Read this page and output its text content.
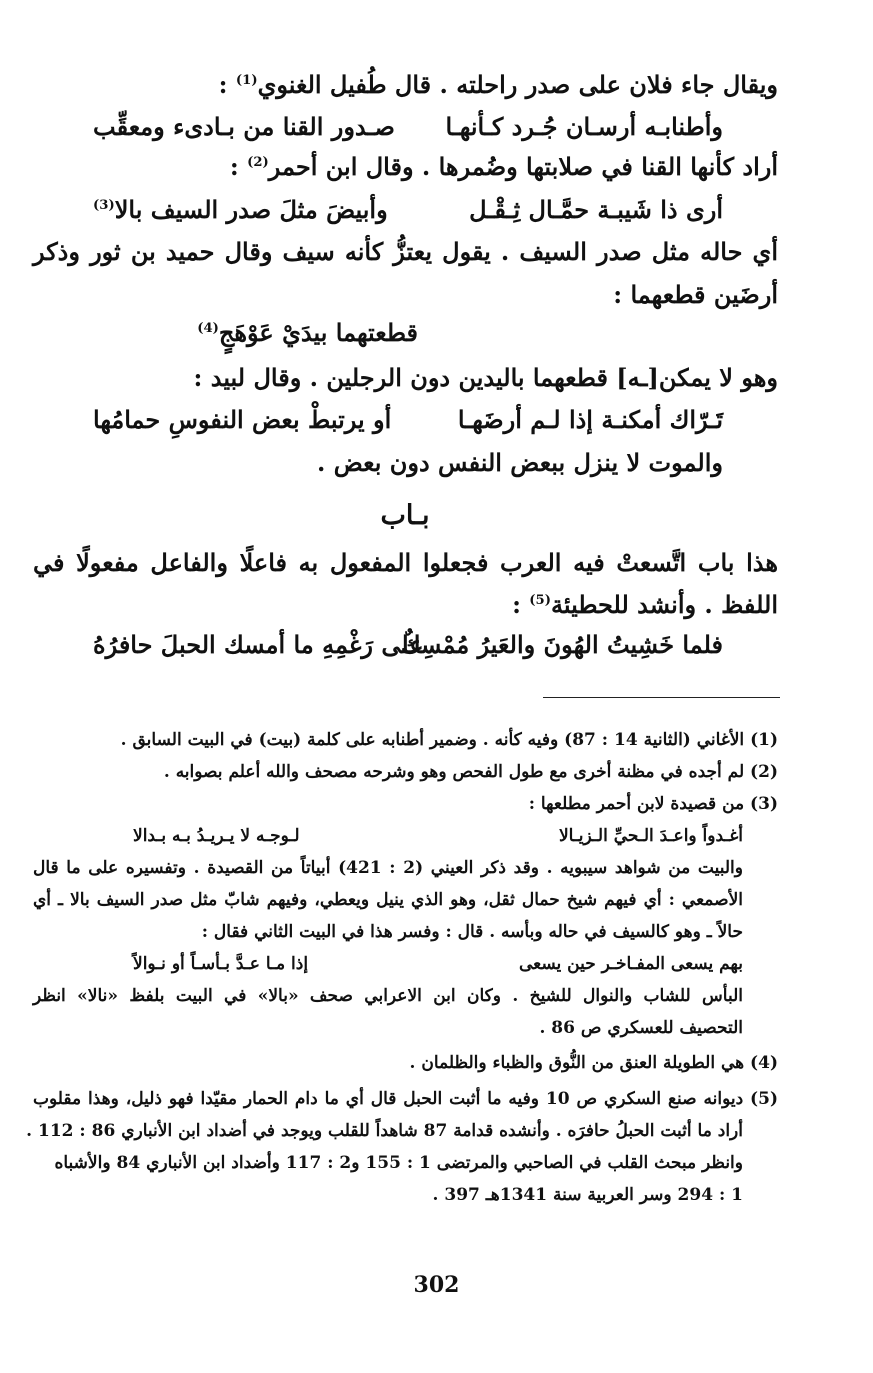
ويقال جاء فلان على صدر راحلته . قال طُفيل الغنوي$^{(1)}$ :
وأطنابـه أرسـان جُـرد كـأنهـا
صـدور القنا من بـادىء ومعقِّب
أراد كأنها القنا في صلابتها وضُمرها . وقال ابن أحمر$^{(2)}$ :
أرى ذا شَيبـة حمَّـال ثِـقْـل
وأبيضَ مثلَ صدر السيف بالا$^{(3)}$
أي حاله مثل صدر السيف . يقول يعتزُّ كأنه سيف وقال حميد بن ثور وذكر
أرضَين قطعهما :
قطعتهما بيدَيْ عَوْهَجٍ$^{(4)}$
وهو لا يمكن[ـه] قطعهما باليدين دون الرجلين . وقال لبيد :
تَـرّاك أمكنـة إذا لـم أرضَهـا
أو يرتبطْ بعض النفوسِ حمامُها
والموت لا ينزل ببعض النفس دون بعض .
بـاب
هذا باب اتَّسعتْ فيه العرب فجعلوا المفعول به فاعلًا والفاعل مفعولًا في
اللفظ . وأنشد للحطيئة$^{(5)}$ :
فلما خَشِيتُ الهُونَ والعَيرُ مُمْسِكٌ
على رَغْمِهِ ما أمسك الحبلَ حافرُهُ
(1) الأغاني (الثانية 14 : 87) وفيه كأنه . وضمير أطنابه على كلمة (بيت) في البيت السابق .
(2) لم أجده في مظنة أخرى مع طول الفحص وهو وشرحه مصحف والله أعلم بصوابه .
(3) من قصيدة لابن أحمر مطلعها :
أغـدواً واعـدَ الـحيِّ الـزيـالا
لـوجـه لا يـريـدُ بـه بـدالا
والبيت من شواهد سيبويه . وقد ذكر العيني (2 : 421) أبياتاً من القصيدة . وتفسيره على ما قال
الأصمعي : أي فيهم شيخ حمال ثقل، وهو الذي ينيل ويعطي، وفيهم شابّ مثل صدر السيف بالا ـ أي
حالاً ـ وهو كالسيف في حاله وبأسه . قال : وفسر هذا في البيت الثاني فقال :
بهم يسعى المفـاخـر حين يسعى
إذا مـا عـدَّ بـأسـاً أو نـوالاً
البأس للشاب والنوال للشيخ . وكان ابن الاعرابي صحف «بالا» في البيت بلفظ «نالا» انظر
التحصيف للعسكري ص 86 .
(4) هي الطويلة العنق من النُّوق والظباء والظلمان .
(5) ديوانه صنع السكري ص 10 وفيه ما أثبت الحبل قال أي ما دام الحمار مقيّدا فهو ذليل، وهذا مقلوب
أراد ما أثبت الحبلُ حافرَه . وأنشده قدامة 87 شاهداً للقلب ويوجد في أضداد ابن الأنباري 86 : 112 .
وانظر مبحث القلب في الصاحبي والمرتضى 1 : 155 و2 : 117 وأضداد ابن الأنباري 84 والأشباه
1 : 294 وسر العربية سنة 1341هـ 397 .
302
